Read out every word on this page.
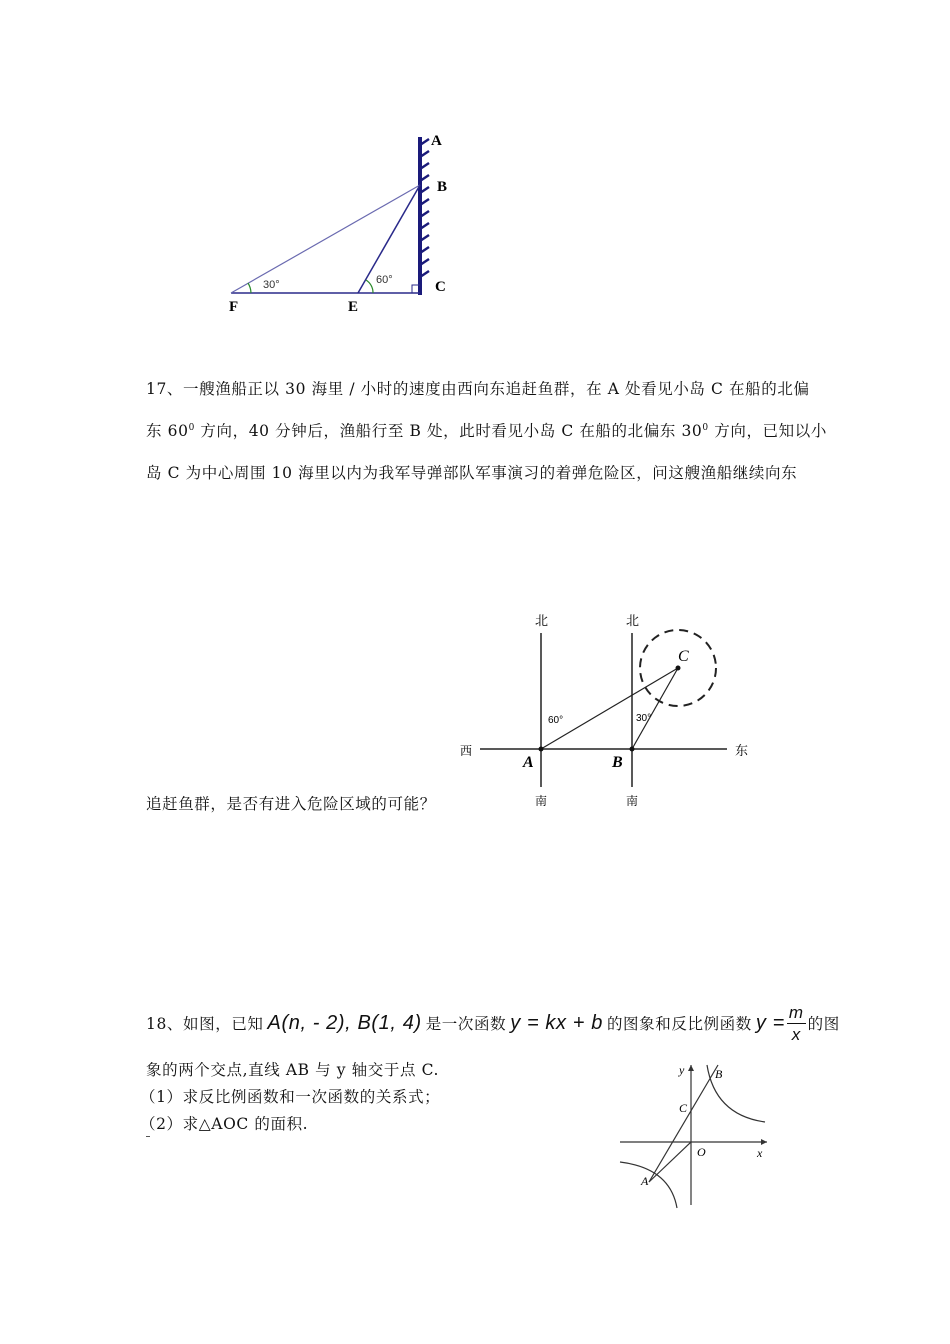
A
B
C
E
F
30°	60°
17、一艘渔船正以 30 海里 / 小时的速度由西向东追赶鱼群，在 A 处看见小岛 C 在船的北偏
东 $60^0$ 方向，40 分钟后，渔船行至 B 处，此时看见小岛 C 在船的北偏东 $30^0$ 方向，已知以小
岛 C 为中心周围 10 海里以内为我军导弹部队军事演习的着弹危险区，问这艘渔船继续向东
追赶鱼群，是否有进入危险区域的可能？
北	北
南	南
西	东
A	B
C
60°	30°
18、如图，已知 A(n, - 2), B(1, 4) 是一次函数 y = kx + b 的图象和反比例函数 $y = \frac{m}{x}$ 的图
象的两个交点,直线 AB 与 y 轴交于点 C.
（1）求反比例函数和一次函数的关系式；
（2）求△AOC 的面积.
y
x
O
A
B
C
